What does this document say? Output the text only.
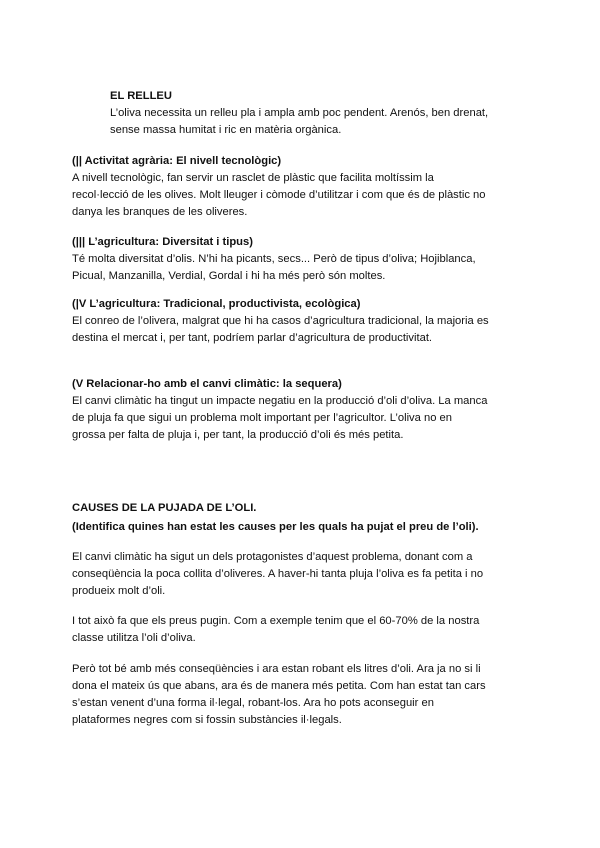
EL RELLEU

L’oliva necessita un relleu pla i ampla amb poc pendent. Arenós, ben drenat,

sense massa humitat i ric en matèria orgànica.

(|| Activitat agrària: El nivell tecnològic)

A nivell tecnològic, fan servir un rasclet de plàstic que facilita moltíssim la

recol·lecció de les olives. Molt lleuger i còmode d’utilitzar i com que és de plàstic no

danya les branques de les oliveres.

(||| L’agricultura: Diversitat i tipus)

Té molta diversitat d’olis. N’hi ha picants, secs... Però de tipus d’oliva; Hojiblanca,

Picual, Manzanilla, Verdial, Gordal i hi ha més però són moltes.

(|V L’agricultura: Tradicional, productivista, ecològica)

El conreo de l’olivera, malgrat que hi ha casos d’agricultura tradicional, la majoria es

destina el mercat i, per tant, podríem parlar d’agricultura de productivitat.

(V Relacionar-ho amb el canvi climàtic: la sequera)

El canvi climàtic ha tingut un impacte negatiu en la producció d’oli d’oliva. La manca

de pluja fa que sigui un problema molt important per l’agricultor. L’oliva no en

grossa per falta de pluja i, per tant, la producció d’oli és més petita.

CAUSES DE LA PUJADA DE L’OLI.

(Identifica quines han estat les causes per les quals ha pujat el preu de l’oli).

El canvi climàtic ha sigut un dels protagonistes d’aquest problema, donant com a

conseqüència la poca collita d’oliveres. A haver-hi tanta pluja l’oliva es fa petita i no

produeix molt d’oli.

I tot això fa que els preus pugin. Com a exemple tenim que el 60-70% de la nostra

classe utilitza l’oli d’oliva.

Però tot bé amb més conseqüències i ara estan robant els litres d’oli. Ara ja no si li

dona el mateix ús que abans, ara és de manera més petita. Com han estat tan cars

s’estan venent d’una forma il·legal, robant-los. Ara ho pots aconseguir en

plataformes negres com si fossin substàncies il·legals.
